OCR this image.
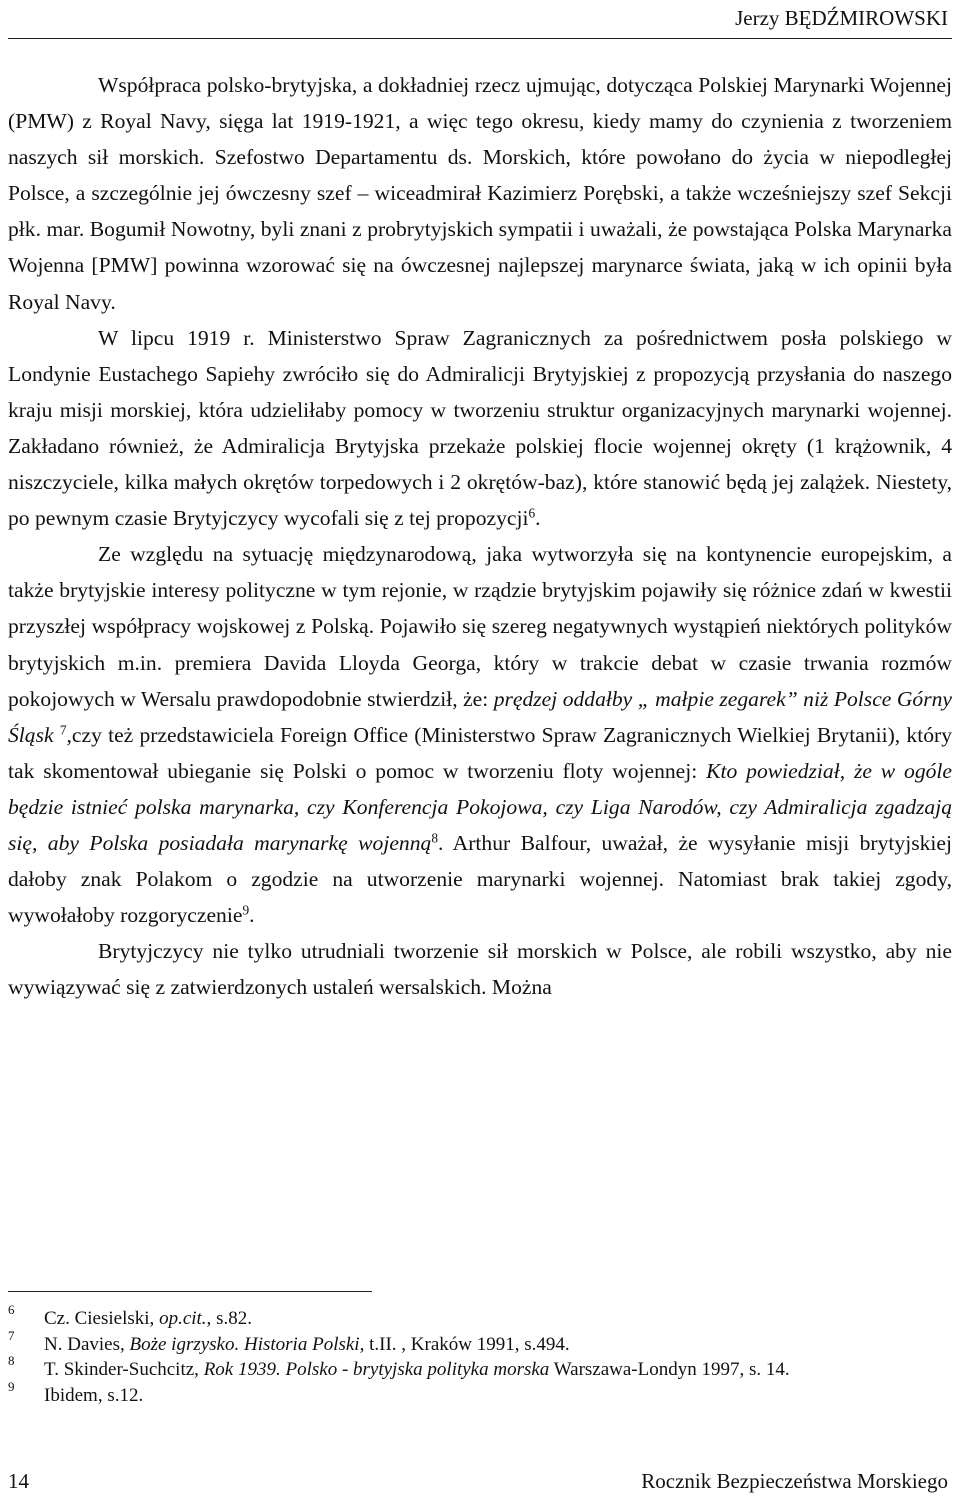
Jerzy BĘDŹMIROWSKI

Współpraca polsko-brytyjska, a dokładniej rzecz ujmując, dotycząca Polskiej Marynarki Wojennej (PMW) z Royal Navy, sięga lat 1919-1921, a więc tego okresu, kiedy mamy do czynienia z tworzeniem naszych sił morskich. Szefostwo Departamentu ds. Morskich, które powołano do życia w niepodległej Polsce, a szczególnie jej ówczesny szef – wiceadmirał Kazimierz Porębski, a także wcześniejszy szef Sekcji płk. mar. Bogumił Nowotny, byli znani z probrytyjskich sympatii i uważali, że powstająca Polska Marynarka Wojenna [PMW] powinna wzorować się na ówczesnej najlepszej marynarce świata, jaką w ich opinii była Royal Navy.

W lipcu 1919 r. Ministerstwo Spraw Zagranicznych za pośrednictwem posła polskiego w Londynie Eustachego Sapiehy zwróciło się do Admiralicji Brytyjskiej z propozycją przysłania do naszego kraju misji morskiej, która udzieliłaby pomocy w tworzeniu struktur organizacyjnych marynarki wojennej. Zakładano również, że Admiralicja Brytyjska przekaże polskiej flocie wojennej okręty (1 krążownik, 4 niszczyciele, kilka małych okrętów torpedowych i 2 okrętów-baz), które stanowić będą jej zalążek. Niestety, po pewnym czasie Brytyjczycy wycofali się z tej propozycji$^6$.

Ze względu na sytuację międzynarodową, jaka wytworzyła się na kontynencie europejskim, a także brytyjskie interesy polityczne w tym rejonie, w rządzie brytyjskim pojawiły się różnice zdań w kwestii przyszłej współpracy wojskowej z Polską. Pojawiło się szereg negatywnych wystąpień niektórych polityków brytyjskich m.in. premiera Davida Lloyda Georga, który w trakcie debat w czasie trwania rozmów pokojowych w Wersalu prawdopodobnie stwierdził, że: prędzej oddałby „ małpie zegarek” niż Polsce Górny Śląsk $^7$,czy też przedstawiciela Foreign Office (Ministerstwo Spraw Zagranicznych Wielkiej Brytanii), który tak skomentował ubieganie się Polski o pomoc w tworzeniu floty wojennej: Kto powiedział, że w ogóle będzie istnieć polska marynarka, czy Konferencja Pokojowa, czy Liga Narodów, czy Admiralicja zgadzają się, aby Polska posiadała marynarkę wojenną$^8$. Arthur Balfour, uważał, że wysyłanie misji brytyjskiej dałoby znak Polakom o zgodzie na utworzenie marynarki wojennej. Natomiast brak takiej zgody, wywołałoby rozgoryczenie$^9$.

Brytyjczycy nie tylko utrudniali tworzenie sił morskich w Polsce, ale robili wszystko, aby nie wywiązywać się z zatwierdzonych ustaleń wersalskich. Można

6 Cz. Ciesielski, op.cit., s.82.
7 N. Davies, Boże igrzysko. Historia Polski, t.II. , Kraków 1991, s.494.
8 T. Skinder-Suchcitz, Rok 1939. Polsko - brytyjska polityka morska Warszawa-Londyn 1997, s. 14.
9 Ibidem, s.12.
14	Rocznik Bezpieczeństwa Morskiego
